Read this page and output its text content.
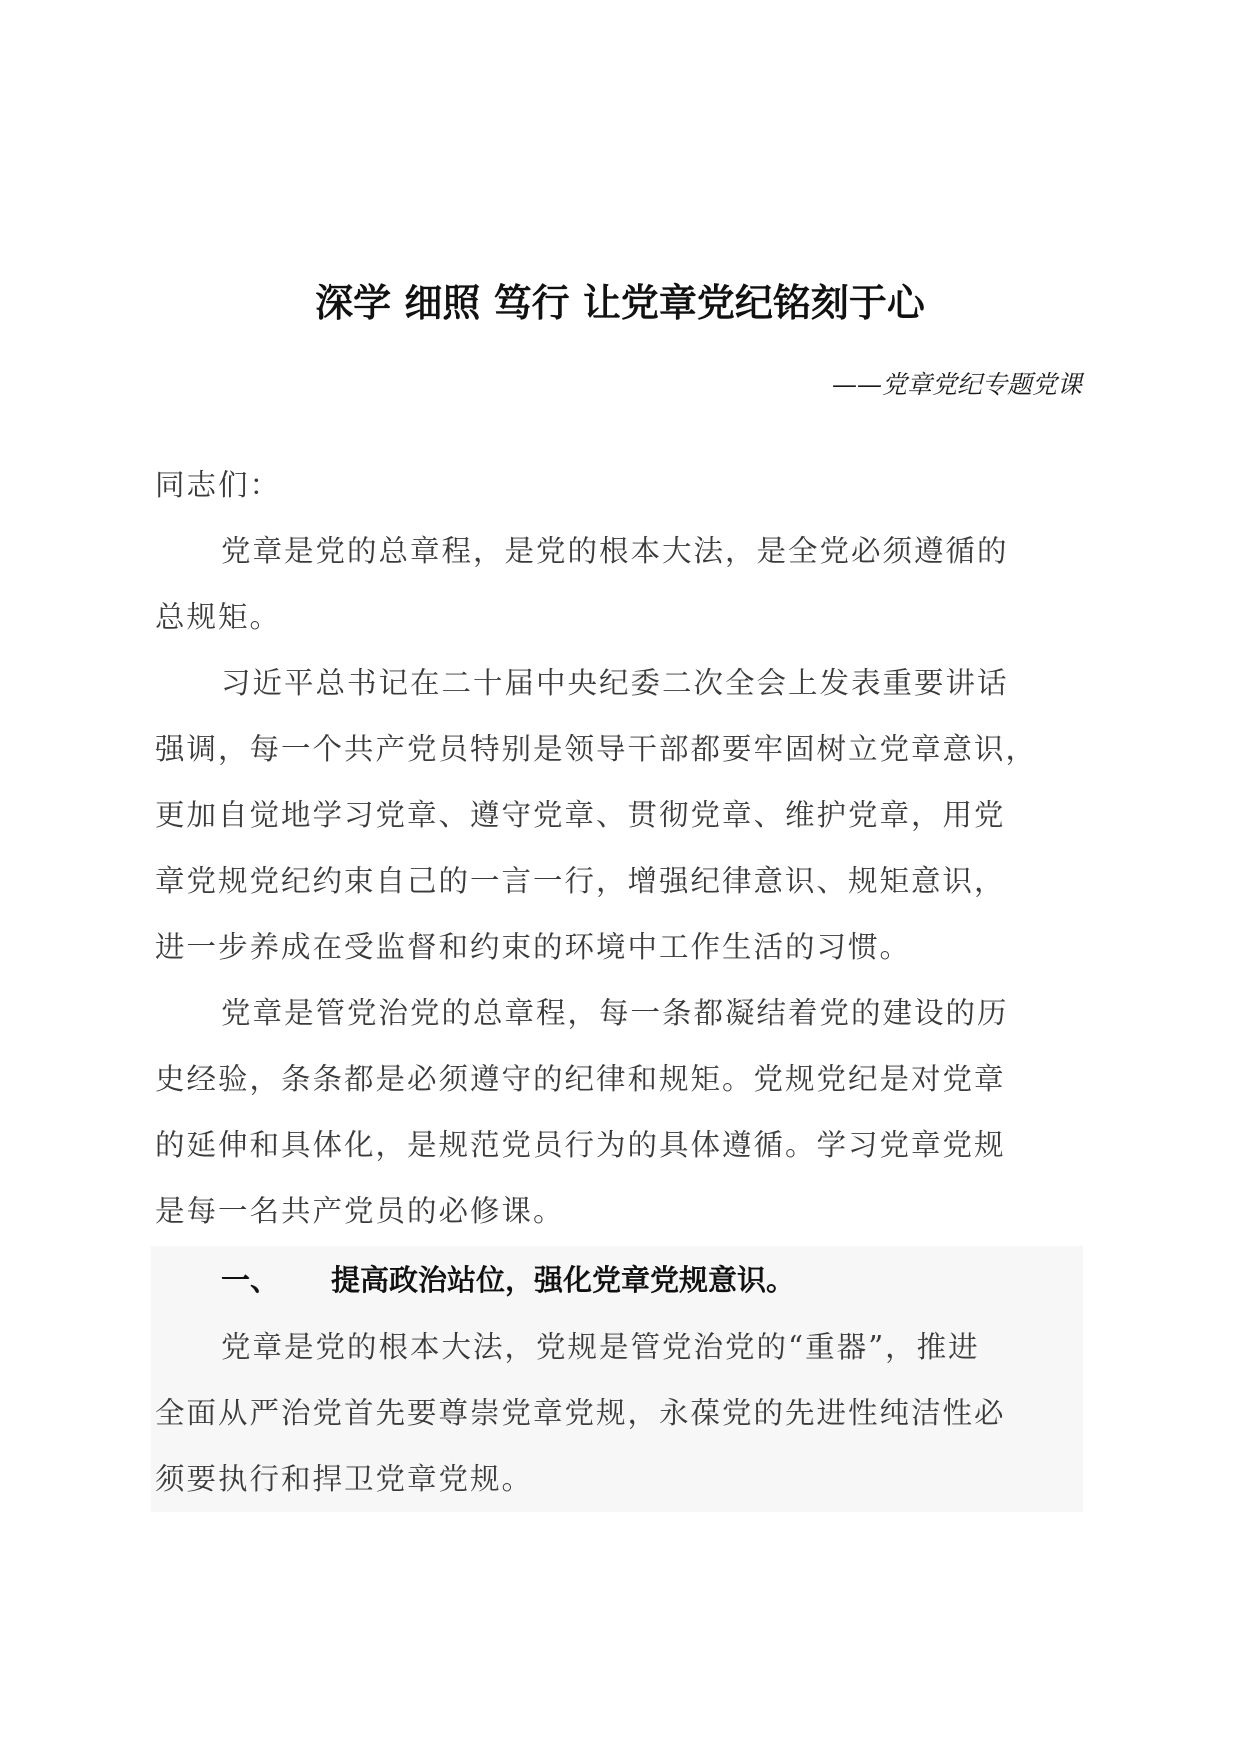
深学 细照 笃行 让党章党纪铭刻于心
——党章党纪专题党课
同志们：
党章是党的总章程，是党的根本大法，是全党必须遵循的
总规矩。
习近平总书记在二十届中央纪委二次全会上发表重要讲话
强调，每一个共产党员特别是领导干部都要牢固树立党章意识，
更加自觉地学习党章、遵守党章、贯彻党章、维护党章，用党
章党规党纪约束自己的一言一行，增强纪律意识、规矩意识，
进一步养成在受监督和约束的环境中工作生活的习惯。
党章是管党治党的总章程，每一条都凝结着党的建设的历
史经验，条条都是必须遵守的纪律和规矩。党规党纪是对党章
的延伸和具体化，是规范党员行为的具体遵循。学习党章党规
是每一名共产党员的必修课。
一、 提高政治站位，强化党章党规意识。
党章是党的根本大法，党规是管党治党的“重器”，推进
全面从严治党首先要尊崇党章党规，永葆党的先进性纯洁性必
须要执行和捍卫党章党规。
